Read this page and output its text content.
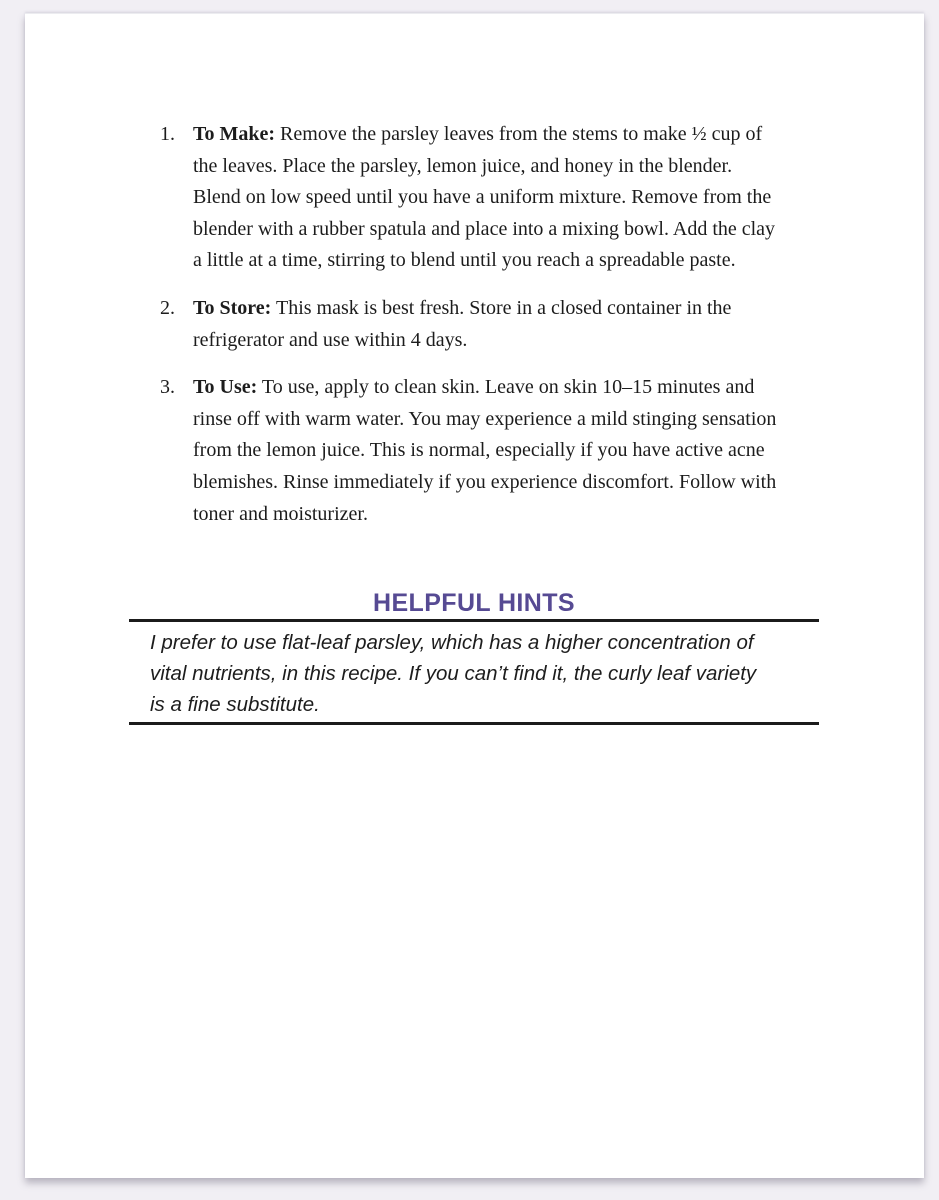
1. To Make: Remove the parsley leaves from the stems to make ½ cup of
the leaves. Place the parsley, lemon juice, and honey in the blender.
Blend on low speed until you have a uniform mixture. Remove from the
blender with a rubber spatula and place into a mixing bowl. Add the clay
a little at a time, stirring to blend until you reach a spreadable paste.

2. To Store: This mask is best fresh. Store in a closed container in the
refrigerator and use within 4 days.

3. To Use: To use, apply to clean skin. Leave on skin 10–15 minutes and
rinse off with warm water. You may experience a mild stinging sensation
from the lemon juice. This is normal, especially if you have active acne
blemishes. Rinse immediately if you experience discomfort. Follow with
toner and moisturizer.

HELPFUL HINTS

I prefer to use flat-leaf parsley, which has a higher concentration of
vital nutrients, in this recipe. If you can’t find it, the curly leaf variety
is a fine substitute.
